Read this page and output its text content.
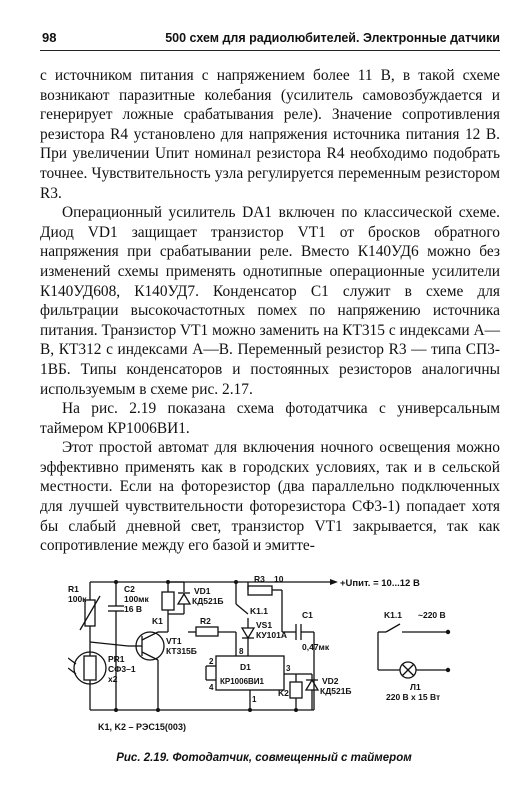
98	500 схем для радиолюбителей. Электронные датчики

с источником питания с напряжением более 11 В, в такой схеме возникают паразитные колебания (усилитель самовозбуждается и генерирует ложные срабатывания реле). Значение сопротивления резистора R4 установлено для напряжения источника питания 12 В. При увеличении Uпит номинал резистора R4 необходимо подобрать точнее. Чувствительность узла регулируется переменным резистором R3.

Операционный усилитель DA1 включен по классической схеме. Диод VD1 защищает транзистор VT1 от бросков обратного напряжения при срабатывании реле. Вместо К140УД6 можно без изменений схемы применять однотипные операционные усилители К140УД608, К140УД7. Конденсатор С1 служит в схеме для фильтрации высокочастотных помех по напряжению источника питания. Транзистор VT1 можно заменить на КТ315 с индексами А—В, КТ312 с индексами А—В. Переменный резистор R3 — типа СП3-1ВБ. Типы конденсаторов и постоянных резисторов аналогичны используемым в схеме рис. 2.17.

На рис. 2.19 показана схема фотодатчика с универсальным таймером КР1006ВИ1.

Этот простой автомат для включения ночного освещения можно эффективно применять как в городских условиях, так и в сельской местности. Если на фоторезистор (два параллельно подключенных для лучшей чувствительности фоторезистора СФ3-1) попадает хотя бы слабый дневной свет, транзистор VT1 закрывается, так как сопротивление между его базой и эмитте-

+Uпит. = 10...12 В
R1
100к
C2
100мк
16 В
VD1
КД521Б
K1
R3 10
K1.1
VS1
КУ101А
C1
0,47мк
PR1
СФ3–1
x2
VT1
КТ315Б
R2
D1
КР1006ВИ1
8
2
4
3
1
VD2
КД521Б
K2
K1, K2 – РЭС15(003)
K1.1 ~220 В
Л1
220 В х 15 Вт
Рис. 2.19. Фотодатчик, совмещенный с таймером
